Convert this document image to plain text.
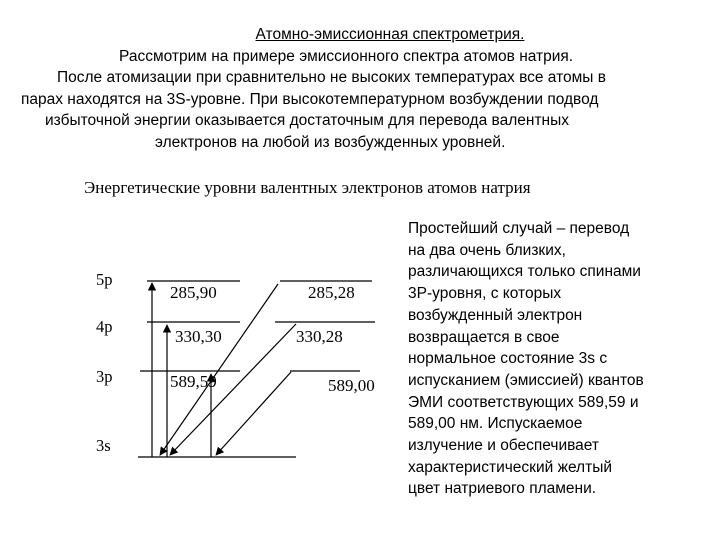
Атомно-эмиссионная спектрометрия.
Рассмотрим на примере эмиссионного спектра атомов натрия.
После атомизации при сравнительно не высоких температурах все атомы в
парах находятся на 3S-уровне. При высокотемпературном возбуждении подвод
избыточной энергии оказывается достаточным для перевода валентных
электронов на любой из возбужденных уровней.
Энергетические уровни валентных электронов атомов натрия
5p
4p
3p
3s
285,90
330,30
589,59
285,28
330,28
589,00
Простейший случай – перевод
на два очень близких,
различающихся только спинами
3Р-уровня, с которых
возбужденный электрон
возвращается в свое
нормальное состояние 3s с
испусканием (эмиссией) квантов
ЭМИ соответствующих 589,59 и
589,00 нм. Испускаемое
излучение и обеспечивает
характеристический желтый
цвет натриевого пламени.
